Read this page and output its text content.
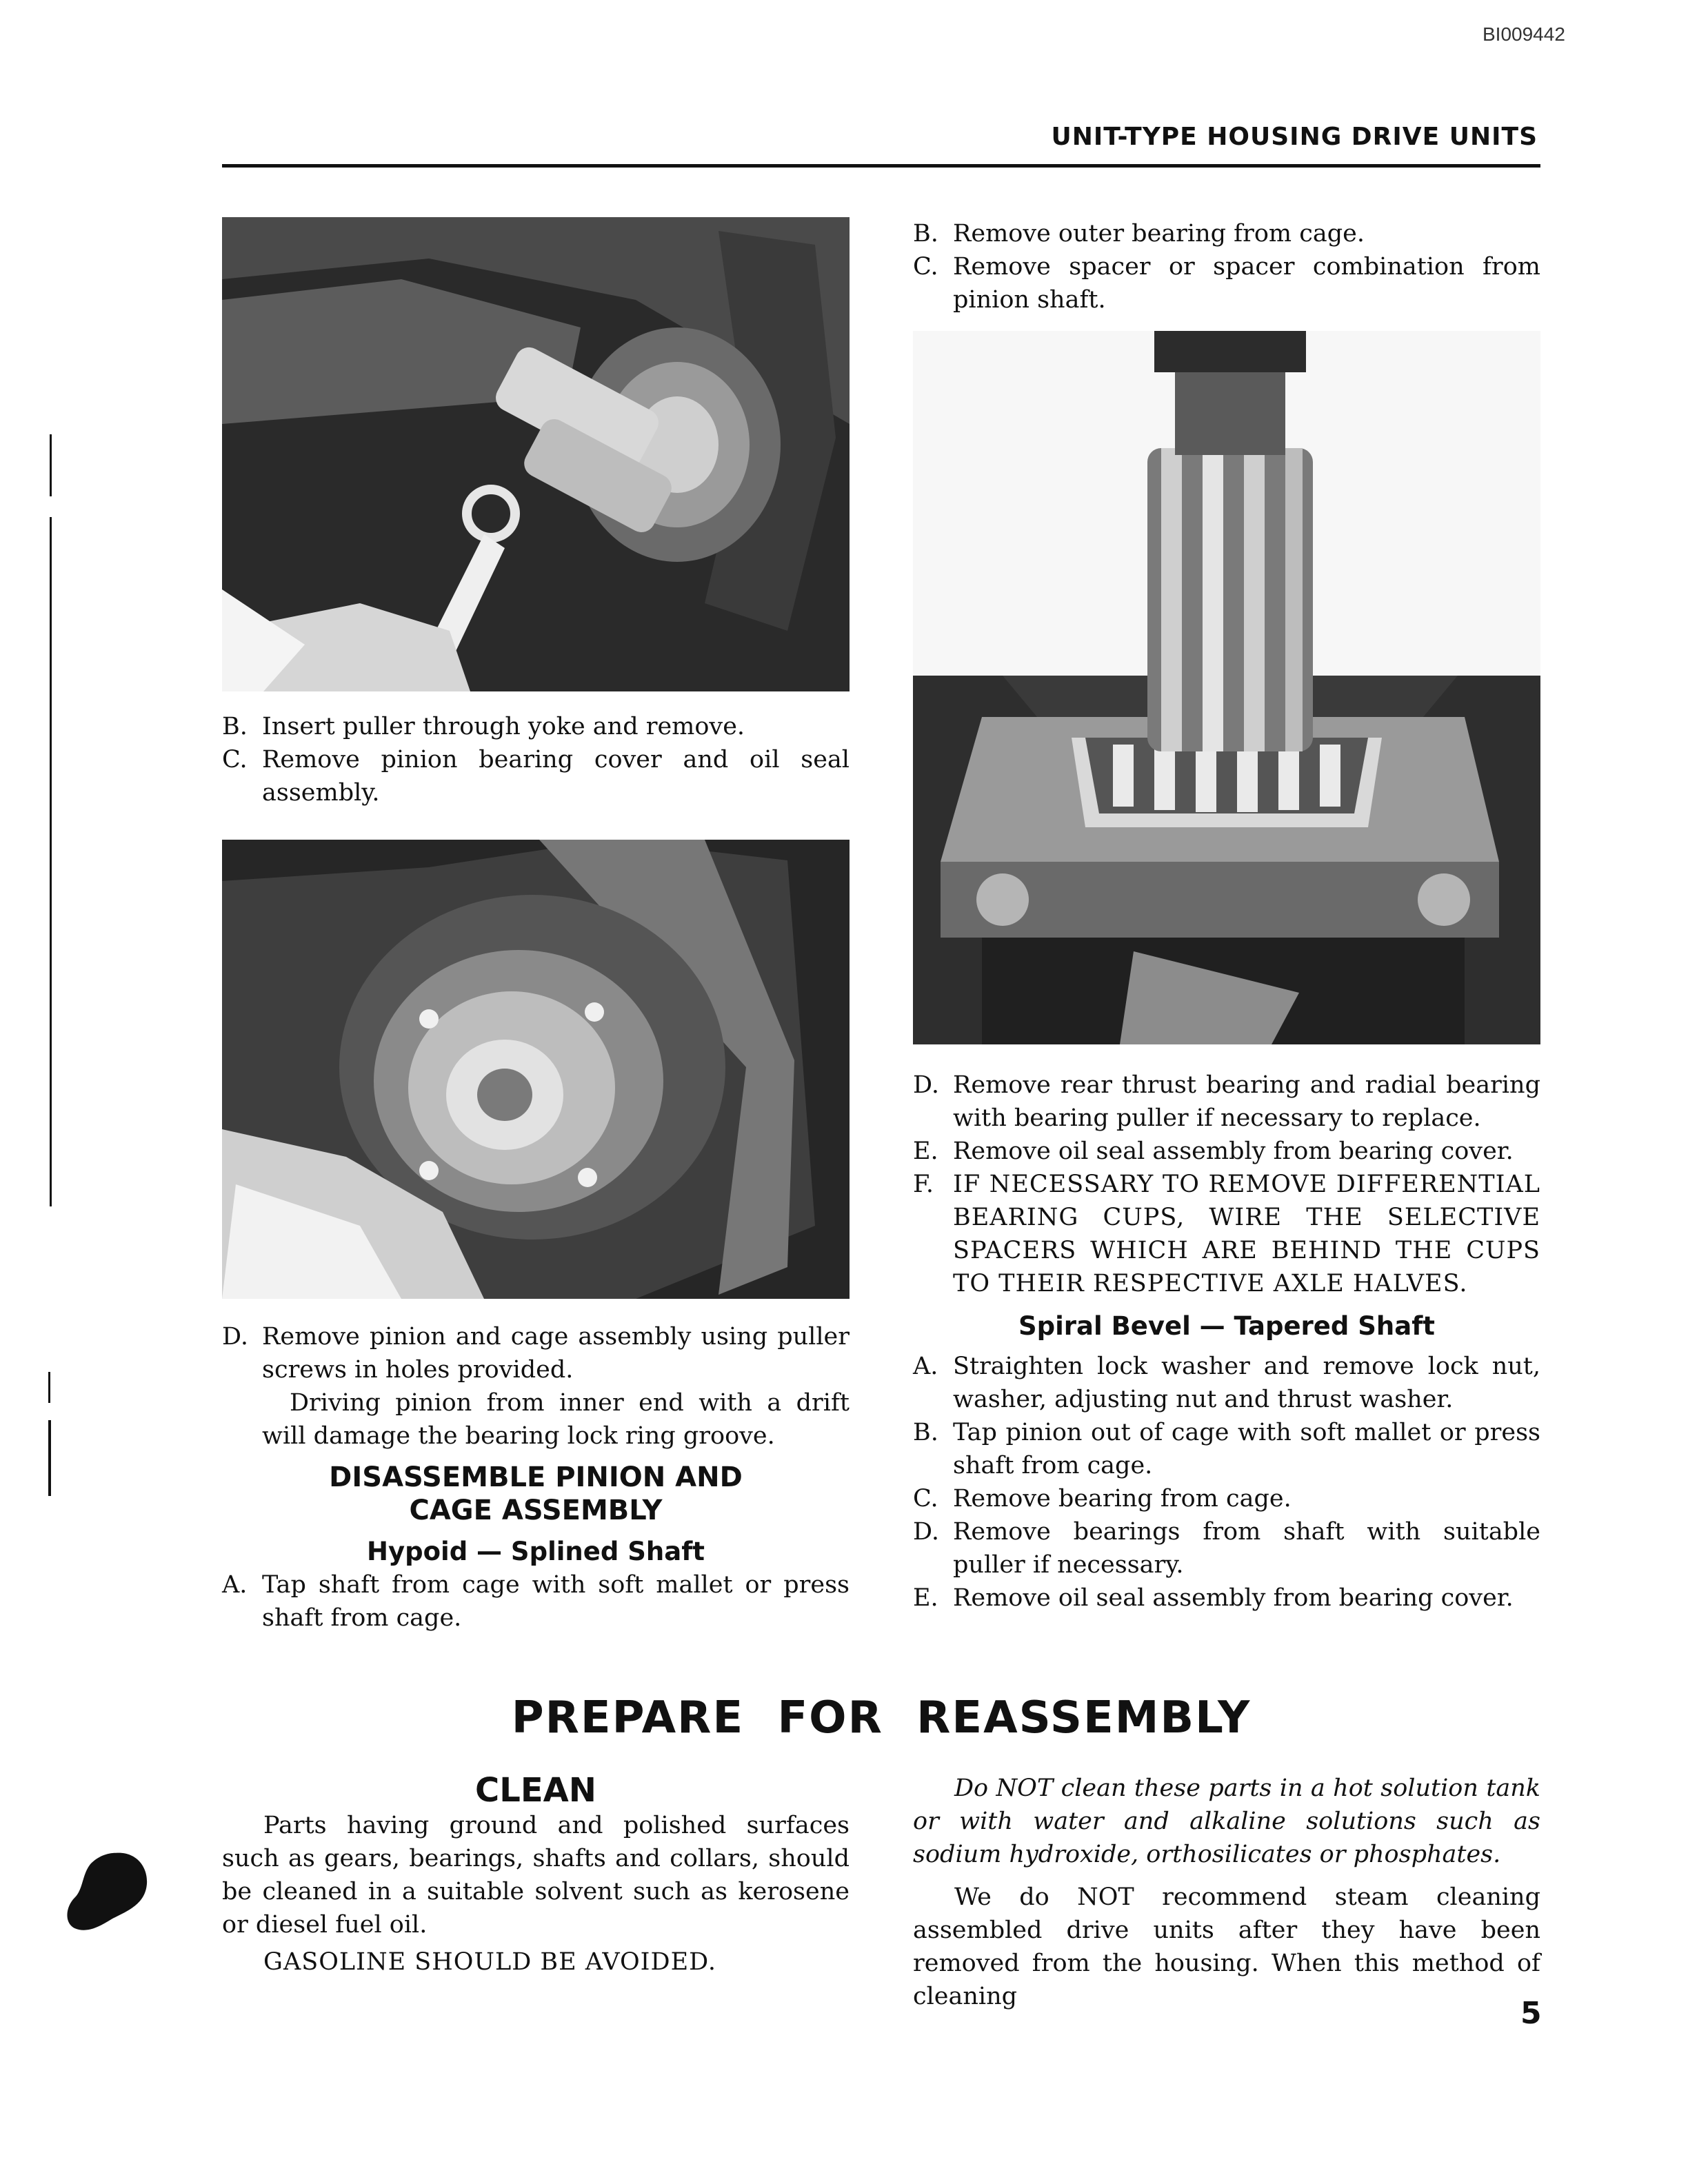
BI009442
UNIT-TYPE HOUSING DRIVE UNITS
B. Insert puller through yoke and remove.
C. Remove pinion bearing cover and oil seal assembly.
D. Remove pinion and cage assembly using puller screws in holes provided.
Driving pinion from inner end with a drift will damage the bearing lock ring groove.

DISASSEMBLE PINION AND CAGE ASSEMBLY

Hypoid — Splined Shaft

A. Tap shaft from cage with soft mallet or press shaft from cage.
B. Remove outer bearing from cage.
C. Remove spacer or spacer combination from pinion shaft.
D. Remove rear thrust bearing and radial bearing with bearing puller if necessary to replace.
E. Remove oil seal assembly from bearing cover.
F. IF NECESSARY TO REMOVE DIFFERENTIAL BEARING CUPS, WIRE THE SELECTIVE SPACERS WHICH ARE BEHIND THE CUPS TO THEIR RESPECTIVE AXLE HALVES.

Spiral Bevel — Tapered Shaft

A. Straighten lock washer and remove lock nut, washer, adjusting nut and thrust washer.
B. Tap pinion out of cage with soft mallet or press shaft from cage.
C. Remove bearing from cage.
D. Remove bearings from shaft with suitable puller if necessary.
E. Remove oil seal assembly from bearing cover.
PREPARE FOR REASSEMBLY

CLEAN

Parts having ground and polished surfaces such as gears, bearings, shafts and collars, should be cleaned in a suitable solvent such as kerosene or diesel fuel oil.

GASOLINE SHOULD BE AVOIDED.

Do NOT clean these parts in a hot solution tank or with water and alkaline solutions such as sodium hydroxide, orthosilicates or phosphates.

We do NOT recommend steam cleaning assembled drive units after they have been removed from the housing. When this method of cleaning	5
